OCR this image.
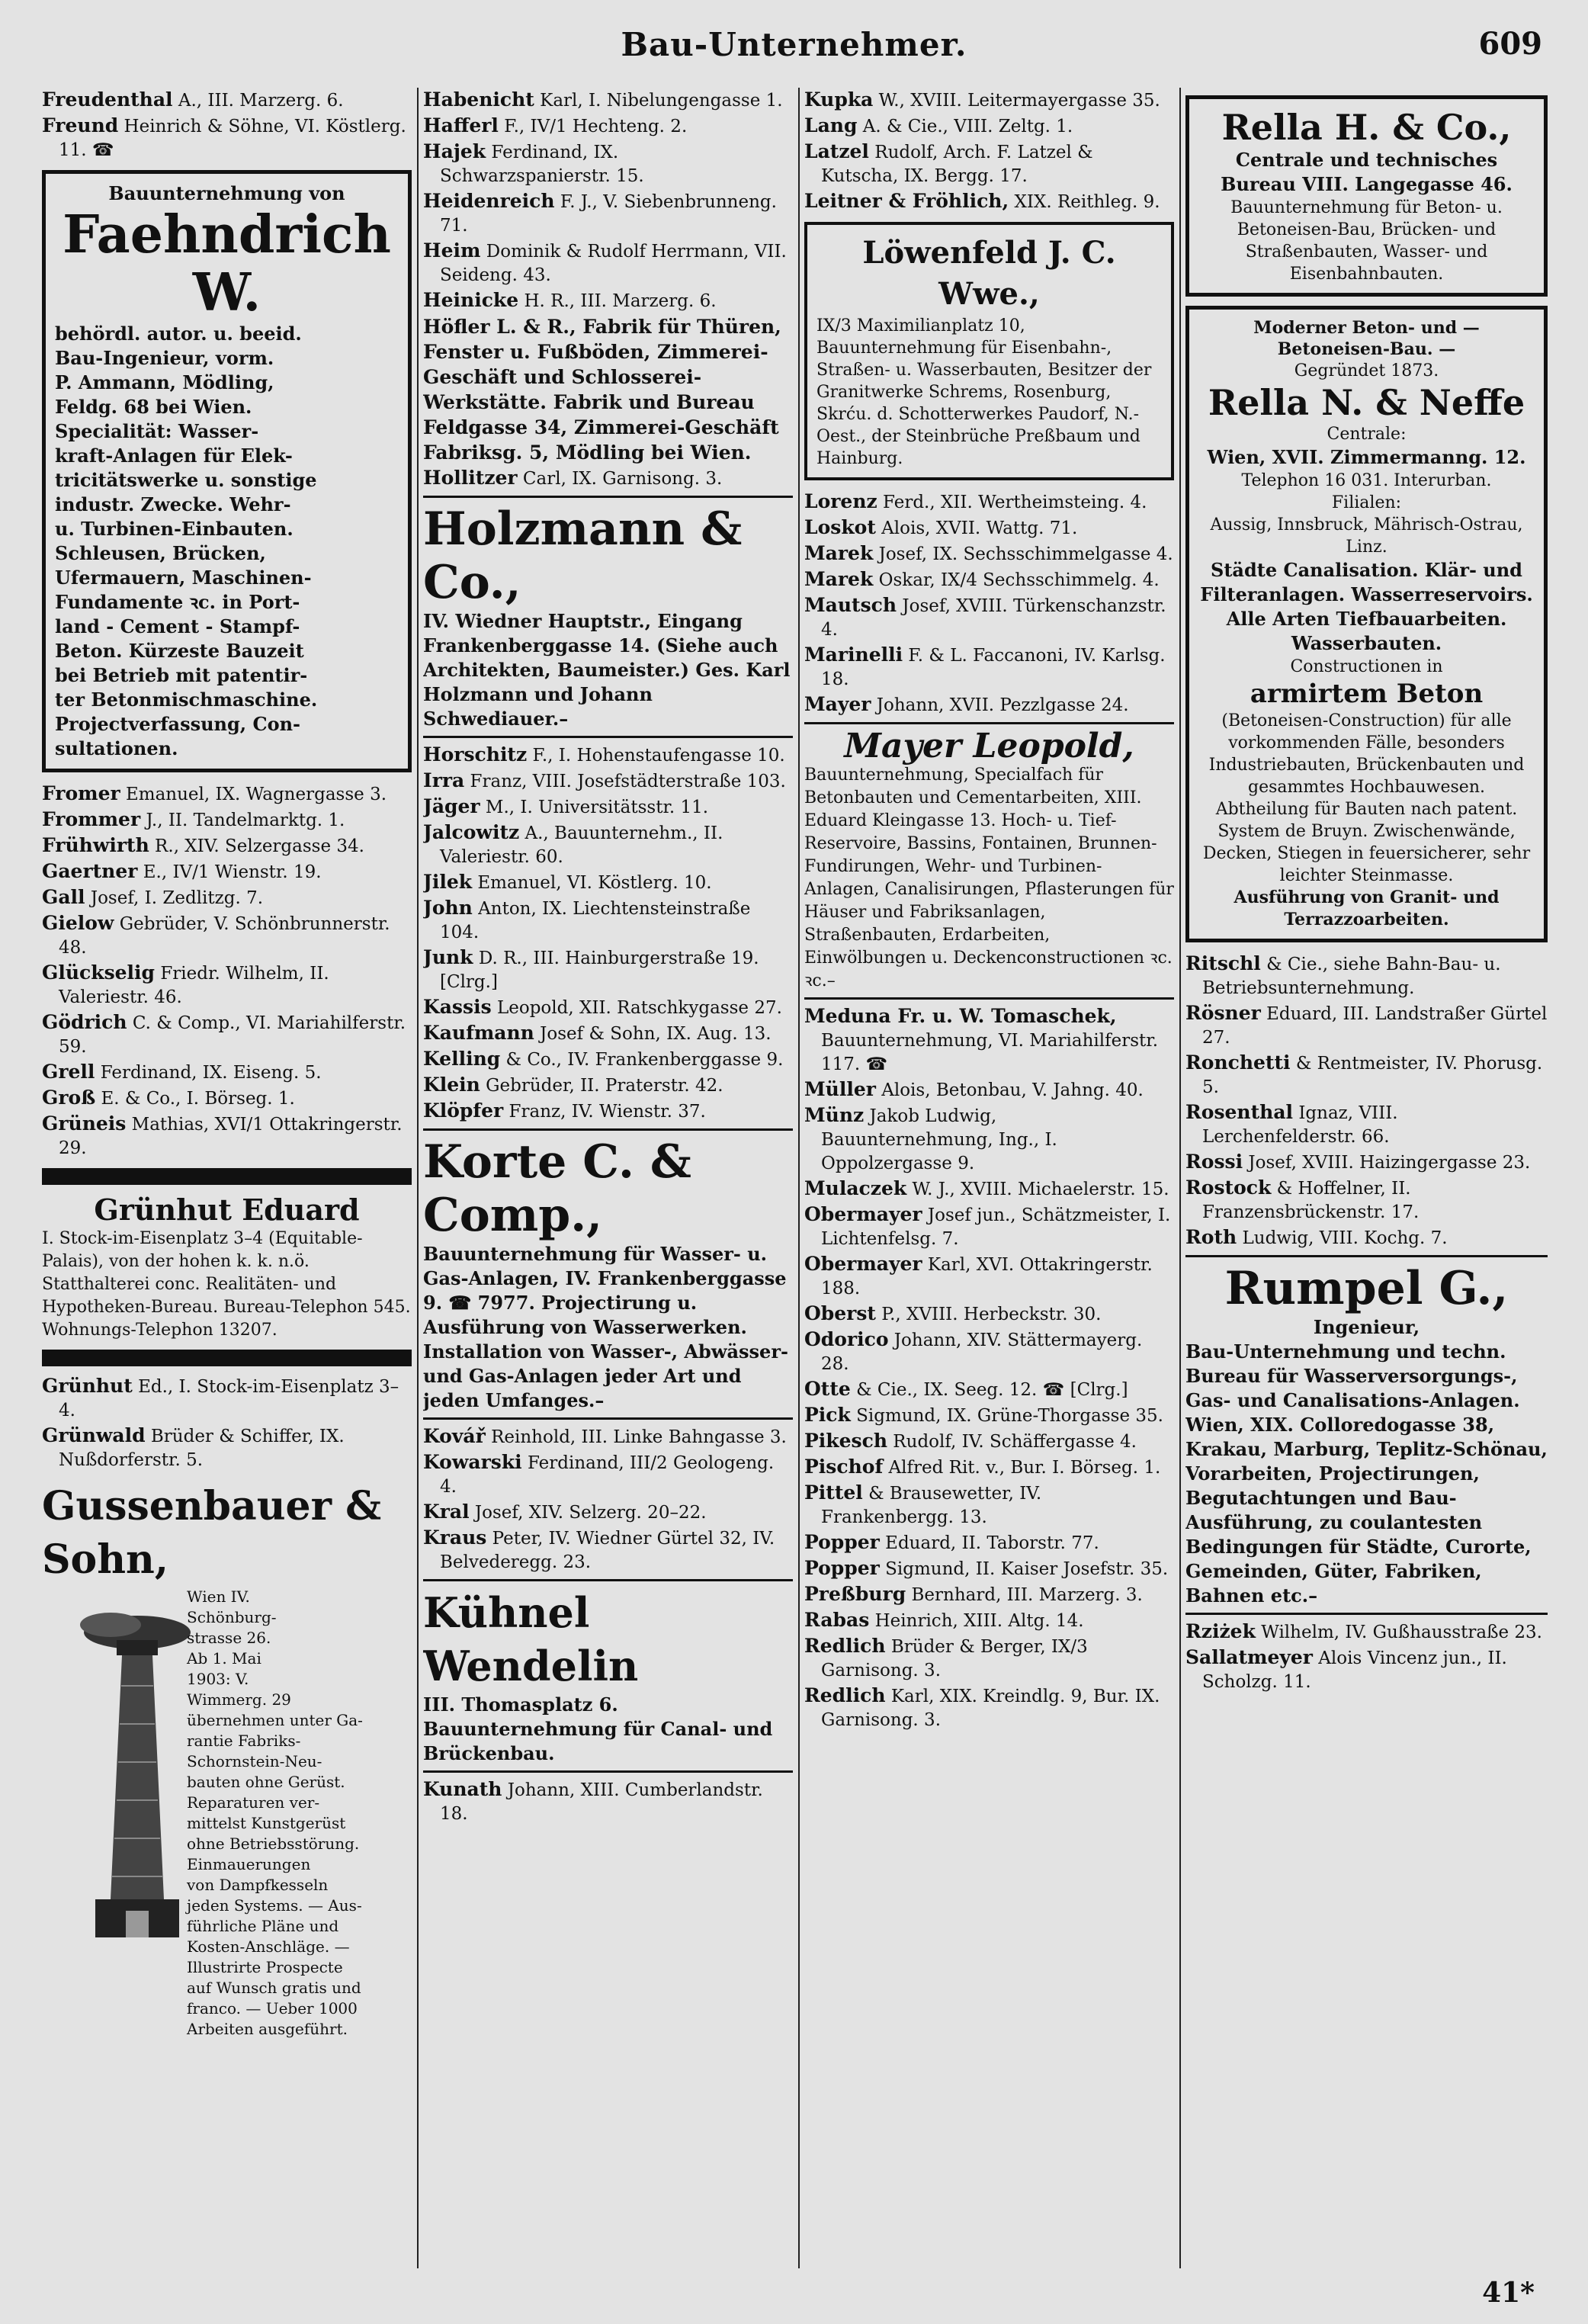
Bau-Unternehmer.	609
Freudenthal A., III. Marzerg. 6.
Freund Heinrich & Söhne, VI. Köstlerg. 11. ☎
Bauunternehmung von
Faehndrich W.
behördl. autor. u. beeid.
Bau-Ingenieur, vorm.
P. Ammann, Mödling,
Feldg. 68 bei Wien.
Specialität: Wasser-
kraft-Anlagen für Elek-
tricitätswerke u. sonstige
industr. Zwecke. Wehr-
u. Turbinen-Einbauten.
Schleusen, Brücken,
Ufermauern, Maschinen-
Fundamente ꝛc. in Port-
land - Cement - Stampf-
Beton. Kürzeste Bauzeit
bei Betrieb mit patentir-
ter Betonmischmaschine.
Projectverfassung, Con-
sultationen.
Fromer Emanuel, IX. Wagnergasse 3.
Frommer J., II. Tandelmarktg. 1.
Frühwirth R., XIV. Selzergasse 34.
Gaertner E., IV/1 Wienstr. 19.
Gall Josef, I. Zedlitzg. 7.
Gielow Gebrüder, V. Schönbrunnerstr. 48.
Glückselig Friedr. Wilhelm, II. Valeriestr. 46.
Gödrich C. & Comp., VI. Mariahilferstr. 59.
Grell Ferdinand, IX. Eiseng. 5.
Groß E. & Co., I. Börseg. 1.
Grüneis Mathias, XVI/1 Ottakringerstr. 29.
Grünhut Eduard
I. Stock-im-Eisenplatz 3–4 (Equitable-Palais), von der hohen k. k. n.ö. Statthalterei conc. Realitäten- und Hypotheken-Bureau. Bureau-Telephon 545. Wohnungs-Telephon 13207.
Grünhut Ed., I. Stock-im-Eisenplatz 3–4.
Grünwald Brüder & Schiffer, IX. Nußdorferstr. 5.
Gussenbauer & Sohn,
Wien IV.
Schönburg-
strasse 26.
Ab 1. Mai
1903: V.
Wimmerg. 29
übernehmen unter Ga-
rantie Fabriks-
Schornstein-Neu-
bauten ohne Gerüst.
Reparaturen ver-
mittelst Kunstgerüst
ohne Betriebsstörung.
Einmauerungen
von Dampfkesseln
jeden Systems. — Aus-
führliche Pläne und
Kosten-Anschläge. —
Illustrirte Prospecte
auf Wunsch gratis und
franco. — Ueber 1000
Arbeiten ausgeführt.
Habenicht Karl, I. Nibelungengasse 1.
Hafferl F., IV/1 Hechteng. 2.
Hajek Ferdinand, IX. Schwarzspanierstr. 15.
Heidenreich F. J., V. Siebenbrunneng. 71.
Heim Dominik & Rudolf Herrmann, VII. Seideng. 43.
Heinicke H. R., III. Marzerg. 6.
Höfler L. & R., Fabrik für Thüren, Fenster u. Fußböden, Zimmerei-Geschäft und Schlosserei-Werkstätte. Fabrik und Bureau Feldgasse 34, Zimmerei-Geschäft Fabriksg. 5, Mödling bei Wien.
Hollitzer Carl, IX. Garnisong. 3.
Holzmann & Co.,
IV. Wiedner Hauptstr., Eingang Frankenberggasse 14. (Siehe auch Architekten, Baumeister.) Ges. Karl Holzmann und Johann Schwediauer.–
Horschitz F., I. Hohenstaufengasse 10.
Irra Franz, VIII. Josefstädterstraße 103.
Jäger M., I. Universitätsstr. 11.
Jalcowitz A., Bauunternehm., II. Valeriestr. 60.
Jilek Emanuel, VI. Köstlerg. 10.
John Anton, IX. Liechtensteinstraße 104.
Junk D. R., III. Hainburgerstraße 19. [Clrg.]
Kassis Leopold, XII. Ratschkygasse 27.
Kaufmann Josef & Sohn, IX. Aug. 13.
Kelling & Co., IV. Frankenberggasse 9.
Klein Gebrüder, II. Praterstr. 42.
Klöpfer Franz, IV. Wienstr. 37.
Korte C. & Comp.,
Bauunternehmung für Wasser- u. Gas-Anlagen, IV. Frankenberggasse 9. ☎ 7977. Projectirung u. Ausführung von Wasserwerken. Installation von Wasser-, Abwässer- und Gas-Anlagen jeder Art und jeden Umfanges.–
Kovář Reinhold, III. Linke Bahngasse 3.
Kowarski Ferdinand, III/2 Geologeng. 4.
Kral Josef, XIV. Selzerg. 20–22.
Kraus Peter, IV. Wiedner Gürtel 32, IV. Belvederegg. 23.
Kühnel Wendelin
III. Thomasplatz 6. Bauunternehmung für Canal- und Brückenbau.
Kunath Johann, XIII. Cumberlandstr. 18.
Kupka W., XVIII. Leitermayergasse 35.
Lang A. & Cie., VIII. Zeltg. 1.
Latzel Rudolf, Arch. F. Latzel & Kutscha, IX. Bergg. 17.
Leitner & Fröhlich, XIX. Reithleg. 9.
Löwenfeld J. C. Wwe.,
IX/3 Maximilianplatz 10, Bauunternehmung für Eisenbahn-, Straßen- u. Wasserbauten, Besitzer der Granitwerke Schrems, Rosenburg, Skrću. d. Schotterwerkes Paudorf, N.-Oest., der Steinbrüche Preßbaum und Hainburg.
Lorenz Ferd., XII. Wertheimsteing. 4.
Loskot Alois, XVII. Wattg. 71.
Marek Josef, IX. Sechsschimmelgasse 4.
Marek Oskar, IX/4 Sechsschimmelg. 4.
Mautsch Josef, XVIII. Türkenschanzstr. 4.
Marinelli F. & L. Faccanoni, IV. Karlsg. 18.
Mayer Johann, XVII. Pezzlgasse 24.
Mayer Leopold,
Bauunternehmung, Specialfach für Betonbauten und Cementarbeiten, XIII. Eduard Kleingasse 13. Hoch- u. Tief-Reservoire, Bassins, Fontainen, Brunnen-Fundirungen, Wehr- und Turbinen-Anlagen, Canalisirungen, Pflasterungen für Häuser und Fabriksanlagen, Straßenbauten, Erdarbeiten, Einwölbungen u. Deckenconstructionen ꝛc. ꝛc.–
Meduna Fr. u. W. Tomaschek, Bauunternehmung, VI. Mariahilferstr. 117. ☎
Müller Alois, Betonbau, V. Jahng. 40.
Münz Jakob Ludwig, Bauunternehmung, Ing., I. Oppolzergasse 9.
Mulaczek W. J., XVIII. Michaelerstr. 15.
Obermayer Josef jun., Schätzmeister, I. Lichtenfelsg. 7.
Obermayer Karl, XVI. Ottakringerstr. 188.
Oberst P., XVIII. Herbeckstr. 30.
Odorico Johann, XIV. Stättermayerg. 28.
Otte & Cie., IX. Seeg. 12. ☎ [Clrg.]
Pick Sigmund, IX. Grüne-Thorgasse 35.
Pikesch Rudolf, IV. Schäffergasse 4.
Pischof Alfred Rit. v., Bur. I. Börseg. 1.
Pittel & Brausewetter, IV. Frankenbergg. 13.
Popper Eduard, II. Taborstr. 77.
Popper Sigmund, II. Kaiser Josefstr. 35.
Preßburg Bernhard, III. Marzerg. 3.
Rabas Heinrich, XIII. Altg. 14.
Redlich Brüder & Berger, IX/3 Garnisong. 3.
Redlich Karl, XIX. Kreindlg. 9, Bur. IX. Garnisong. 3.
Rella H. & Co.,
Centrale und technisches Bureau VIII. Langegasse 46.
Bauunternehmung für Beton- u. Betoneisen-Bau, Brücken- und Straßenbauten, Wasser- und Eisenbahnbauten.
Moderner Beton- und — Betoneisen-Bau. —
Gegründet 1873.
Rella N. & Neffe
Centrale:
Wien, XVII. Zimmermanng. 12.
Telephon 16 031. Interurban.
Filialen:
Aussig, Innsbruck, Mährisch-Ostrau, Linz.
Städte Canalisation. Klär- und Filteranlagen. Wasserreservoirs. Alle Arten Tiefbauarbeiten. Wasserbauten.
Constructionen in
armirtem Beton
(Betoneisen-Construction) für alle vorkommenden Fälle, besonders Industriebauten, Brückenbauten und gesammtes Hochbauwesen.
Abtheilung für Bauten nach patent. System de Bruyn. Zwischenwände, Decken, Stiegen in feuersicherer, sehr leichter Steinmasse.
Ausführung von Granit- und Terrazzoarbeiten.
Ritschl & Cie., siehe Bahn-Bau- u. Betriebsunternehmung.
Rösner Eduard, III. Landstraßer Gürtel 27.
Ronchetti & Rentmeister, IV. Phorusg. 5.
Rosenthal Ignaz, VIII. Lerchenfelderstr. 66.
Rossi Josef, XVIII. Haizingergasse 23.
Rostock & Hoffelner, II. Franzensbrückenstr. 17.
Roth Ludwig, VIII. Kochg. 7.
Rumpel G.,
Ingenieur,
Bau-Unternehmung und techn. Bureau für Wasserversorgungs-, Gas- und Canalisations-Anlagen. Wien, XIX. Colloredogasse 38, Krakau, Marburg, Teplitz-Schönau, Vorarbeiten, Projectirungen, Begutachtungen und Bau-Ausführung, zu coulantesten Bedingungen für Städte, Curorte, Gemeinden, Güter, Fabriken, Bahnen etc.–
Rziżek Wilhelm, IV. Gußhausstraße 23.
Sallatmeyer Alois Vincenz jun., II. Scholzg. 11.
41*
